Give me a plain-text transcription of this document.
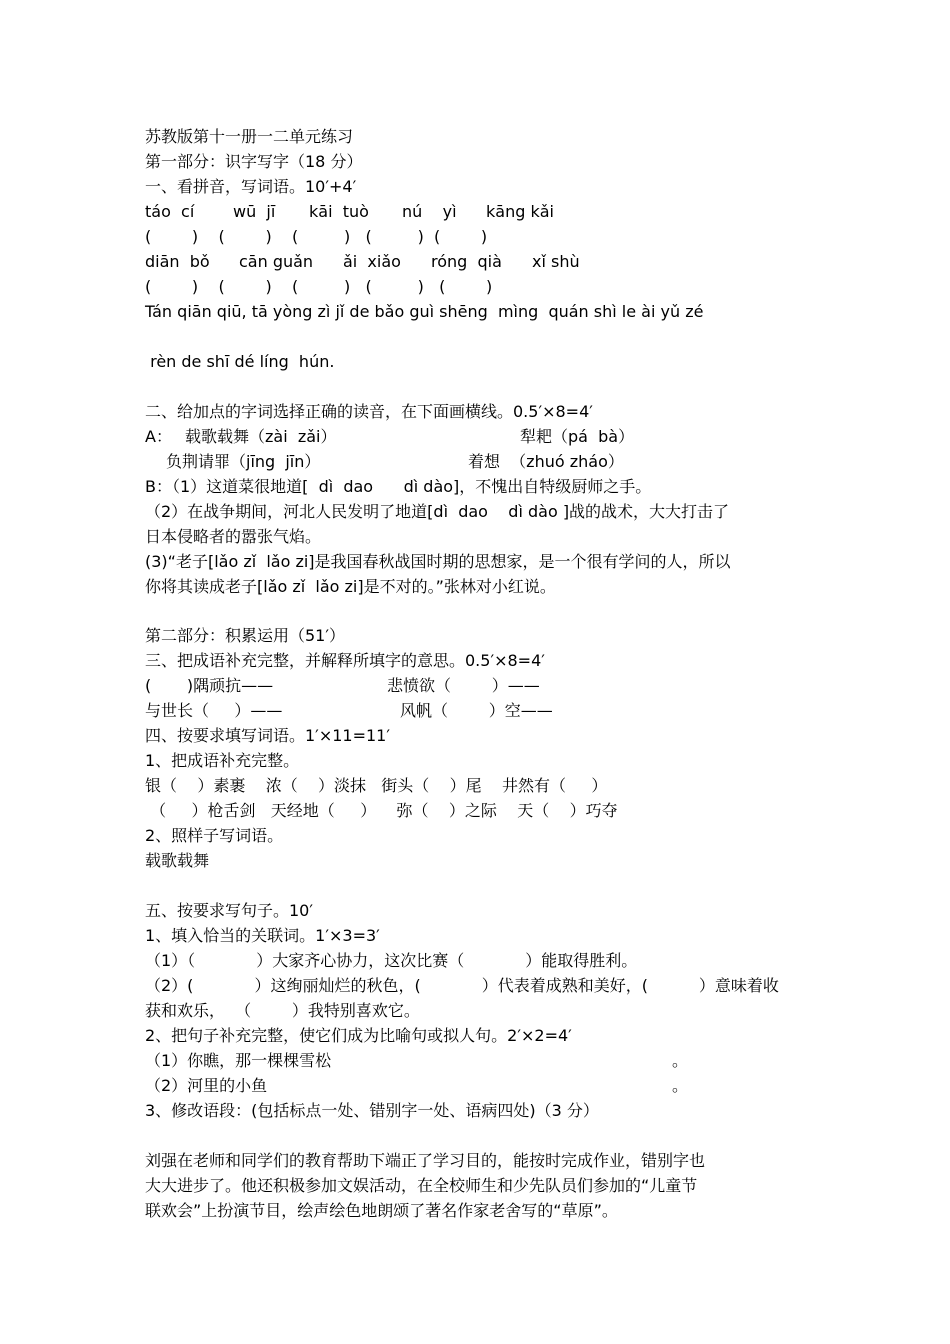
苏教版第十一册一二单元练习
第一部分：识字写字（18 分）
一、看拼音，写词语。10′+4′
táo  cí wū  jī kāi  tuò nú    yì kāng kǎi
(        )    (        )    (         )   (         )  (        )
diān  bǒ cān guǎn ǎi  xiǎo róng  qià xǐ shù
(        )    (        )    (         )   (         )   (        )
Tán qiān qiū, tā yòng zì jǐ de bǎo guì shēng  mìng  quán shì le ài yǔ zé
rèn de shī dé líng  hún.
二、给加点的字词选择正确的读音，在下面画横线。0.5′×8=4′
A： 载歌载舞（zài  zǎi）	犁耙（pá  bà）
负荆请罪（jīng  jīn）	着想  （zhuó zháo）
B：（1）这道菜很地道[  dì  dao      dì dào]，不愧出自特级厨师之手。
（2）在战争期间，河北人民发明了地道[dì  dao    dì dào ]战的战术，大大打击了
日本侵略者的嚣张气焰。
(3)“老子[lǎo zǐ  lǎo zi]是我国春秋战国时期的思想家，是一个很有学问的人，所以
你将其读成老子[lǎo zǐ  lǎo zi]是不对的。”张林对小红说。
第二部分：积累运用（51′）
三、把成语补充完整，并解释所填字的意思。0.5′×8=4′
(       )隅顽抗——	悲愤欲（        ）——
与世长（     ）——	风帆（        ）空——
四、按要求填写词语。1′×11=11′
1、把成语补充完整。
银（    ）素裹    浓（    ）淡抹   街头（    ）尾    井然有（     ）
（     ）枪舌剑   天经地（     ）    弥（    ）之际    天（    ）巧夺
2、照样子写词语。
载歌载舞
五、按要求写句子。10′
1、填入恰当的关联词。1′×3=3′
（1）（            ）大家齐心协力，这次比赛（            ）能取得胜利。
（2）(            ）这绚丽灿烂的秋色，(            ）代表着成熟和美好，(          ）意味着收
获和欢乐，  （        ）我特别喜欢它。
2、把句子补充完整，使它们成为比喻句或拟人句。2′×2=4′
（1）你瞧，那一棵棵雪松	。
（2）河里的小鱼	。
3、修改语段：(包括标点一处、错别字一处、语病四处)（3 分）
刘强在老师和同学们的教育帮助下端正了学习目的，能按时完成作业，错别字也
大大进步了。他还积极参加文娱活动，在全校师生和少先队员们参加的“儿童节
联欢会”上扮演节目，绘声绘色地朗颂了著名作家老舍写的“草原”。
